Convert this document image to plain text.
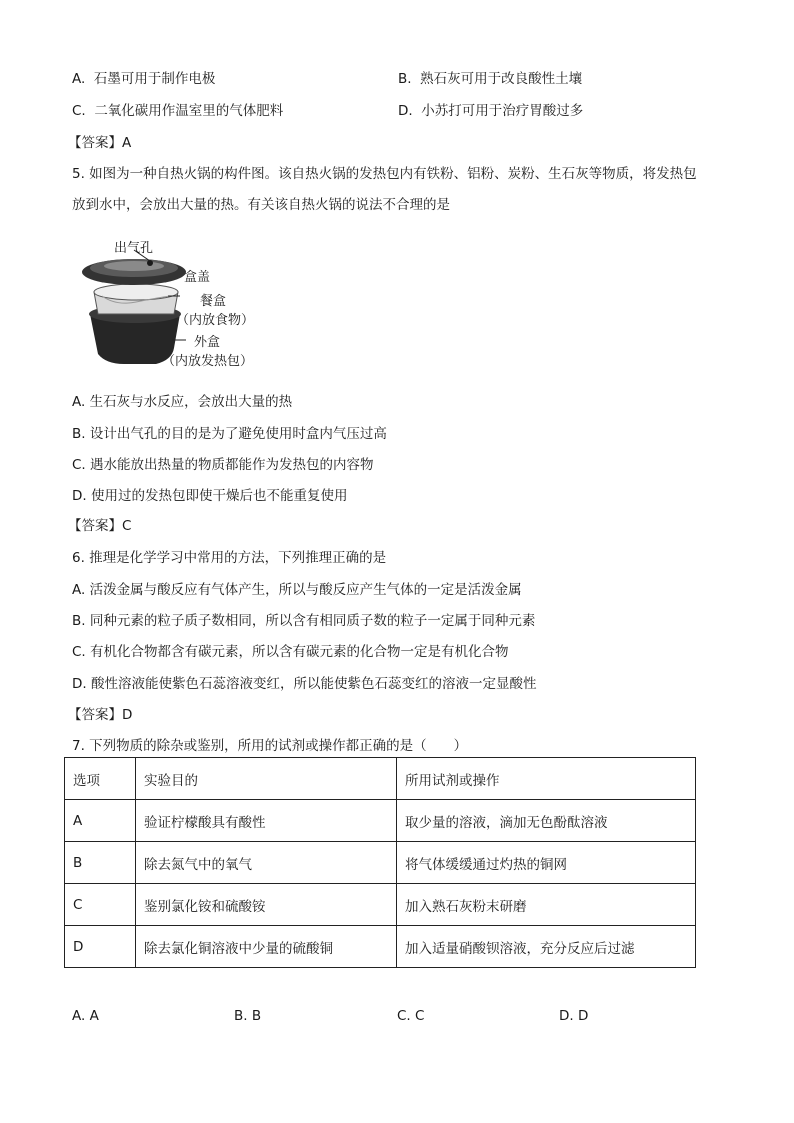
A. 石墨可用于制作电极	B. 熟石灰可用于改良酸性土壤
C. 二氧化碳用作温室里的气体肥料	D. 小苏打可用于治疗胃酸过多
【答案】A
5. 如图为一种自热火锅的构件图。该自热火锅的发热包内有铁粉、铝粉、炭粉、生石灰等物质，将发热包
放到水中，会放出大量的热。有关该自热火锅的说法不合理的是
出气孔
盒盖
餐盒
（内放食物）
外盒
（内放发热包）
A. 生石灰与水反应，会放出大量的热
B. 设计出气孔的目的是为了避免使用时盒内气压过高
C. 遇水能放出热量的物质都能作为发热包的内容物
D. 使用过的发热包即使干燥后也不能重复使用
【答案】C
6. 推理是化学学习中常用的方法，下列推理正确的是
A. 活泼金属与酸反应有气体产生，所以与酸反应产生气体的一定是活泼金属
B. 同种元素的粒子质子数相同，所以含有相同质子数的粒子一定属于同种元素
C. 有机化合物都含有碳元素，所以含有碳元素的化合物一定是有机化合物
D. 酸性溶液能使紫色石蕊溶液变红，所以能使紫色石蕊变红的溶液一定显酸性
【答案】D
7. 下列物质的除杂或鉴别，所用的试剂或操作都正确的是（　　）
选项	实验目的	所用试剂或操作
A	验证柠檬酸具有酸性	取少量的溶液，滴加无色酚酞溶液
B	除去氮气中的氧气	将气体缓缓通过灼热的铜网
C	鉴别氯化铵和硫酸铵	加入熟石灰粉末研磨
D	除去氯化铜溶液中少量的硫酸铜	加入适量硝酸钡溶液，充分反应后过滤
A. A	B. B	C. C	D. D
